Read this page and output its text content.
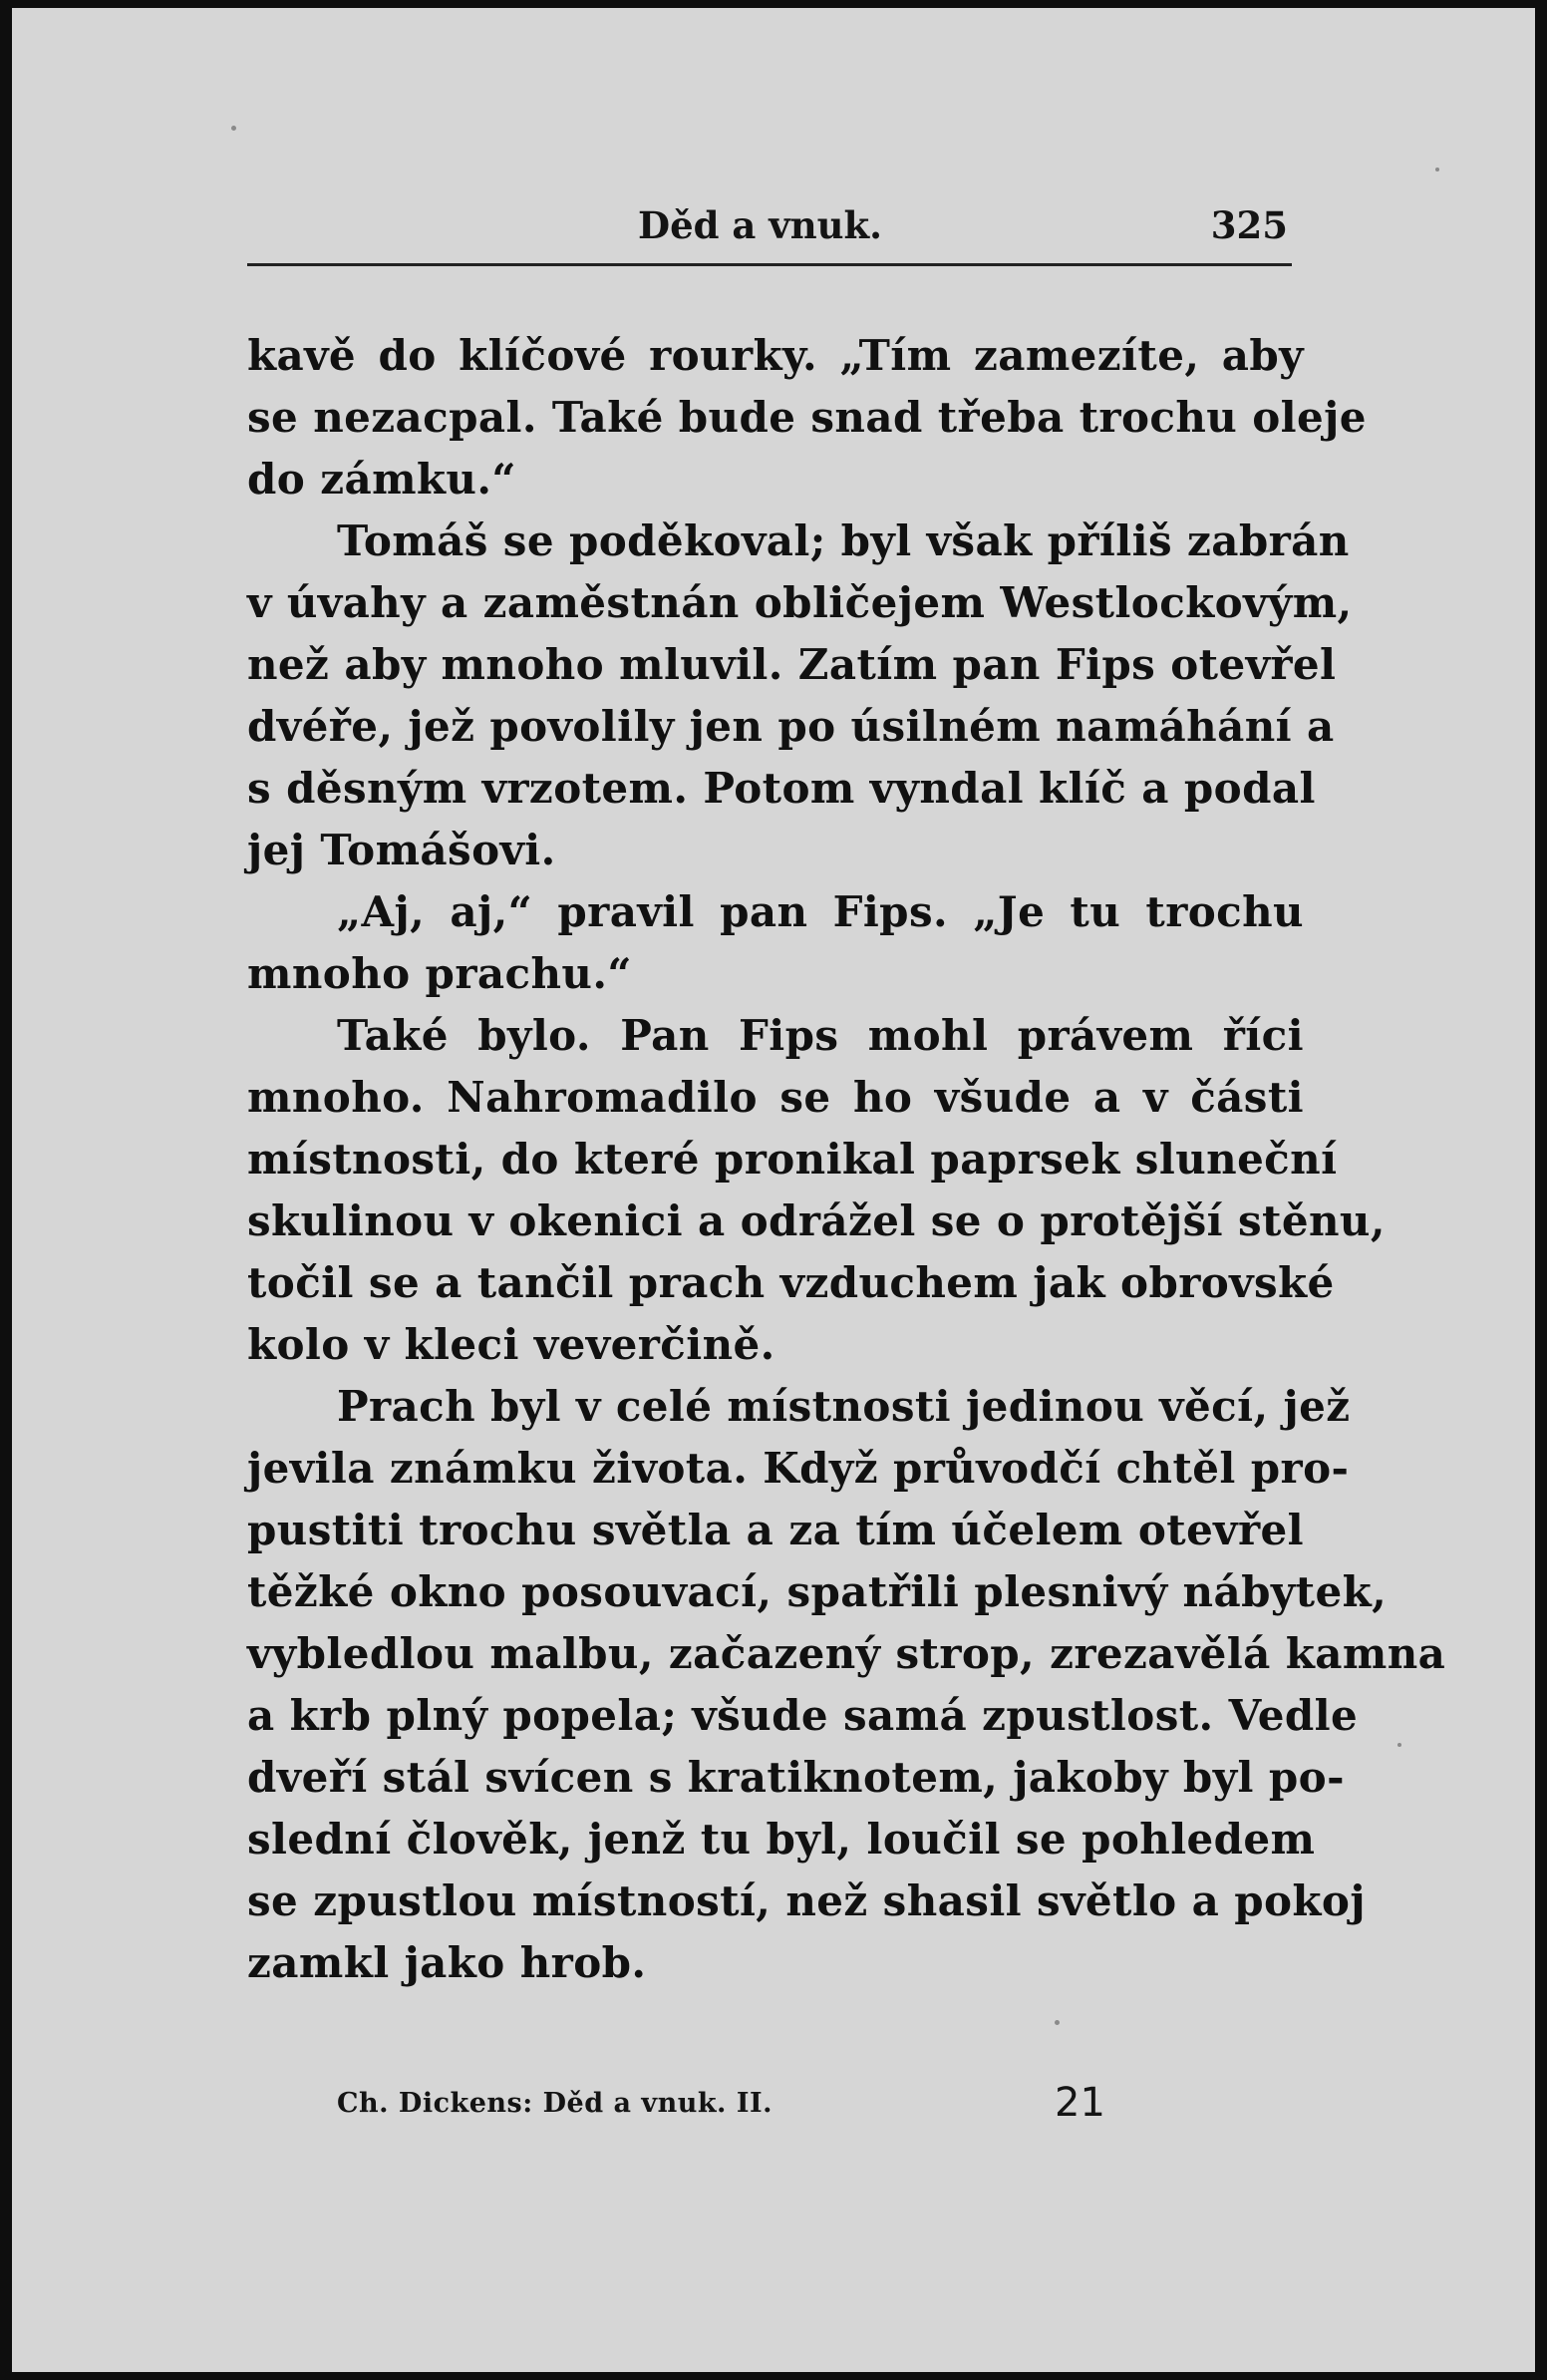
Děd a vnuk.	325
kavě do klíčové rourky. „Tím zamezíte, aby
se nezacpal. Také bude snad třeba trochu oleje
do zámku.“
Tomáš se poděkoval; byl však příliš zabrán
v úvahy a zaměstnán obličejem Westlockovým,
než aby mnoho mluvil. Zatím pan Fips otevřel
dvéře, jež povolily jen po úsilném namáhání a
s děsným vrzotem. Potom vyndal klíč a podal
jej Tomášovi.
„Aj, aj,“ pravil pan Fips. „Je tu trochu
mnoho prachu.“
Také bylo. Pan Fips mohl právem říci
mnoho. Nahromadilo se ho všude a v části
místnosti, do které pronikal paprsek sluneční
skulinou v okenici a odrážel se o protější stěnu,
točil se a tančil prach vzduchem jak obrovské
kolo v kleci veverčině.
Prach byl v celé místnosti jedinou věcí, jež
jevila známku života. Když průvodčí chtěl pro-
pustiti trochu světla a za tím účelem otevřel
těžké okno posouvací, spatřili plesnivý nábytek,
vybledlou malbu, začazený strop, zrezavělá kamna
a krb plný popela; všude samá zpustlost. Vedle
dveří stál svícen s kratiknotem, jakoby byl po-
slední člověk, jenž tu byl, loučil se pohledem
se zpustlou místností, než shasil světlo a pokoj
zamkl jako hrob.
Ch. Dickens: Děd a vnuk. II.	21
